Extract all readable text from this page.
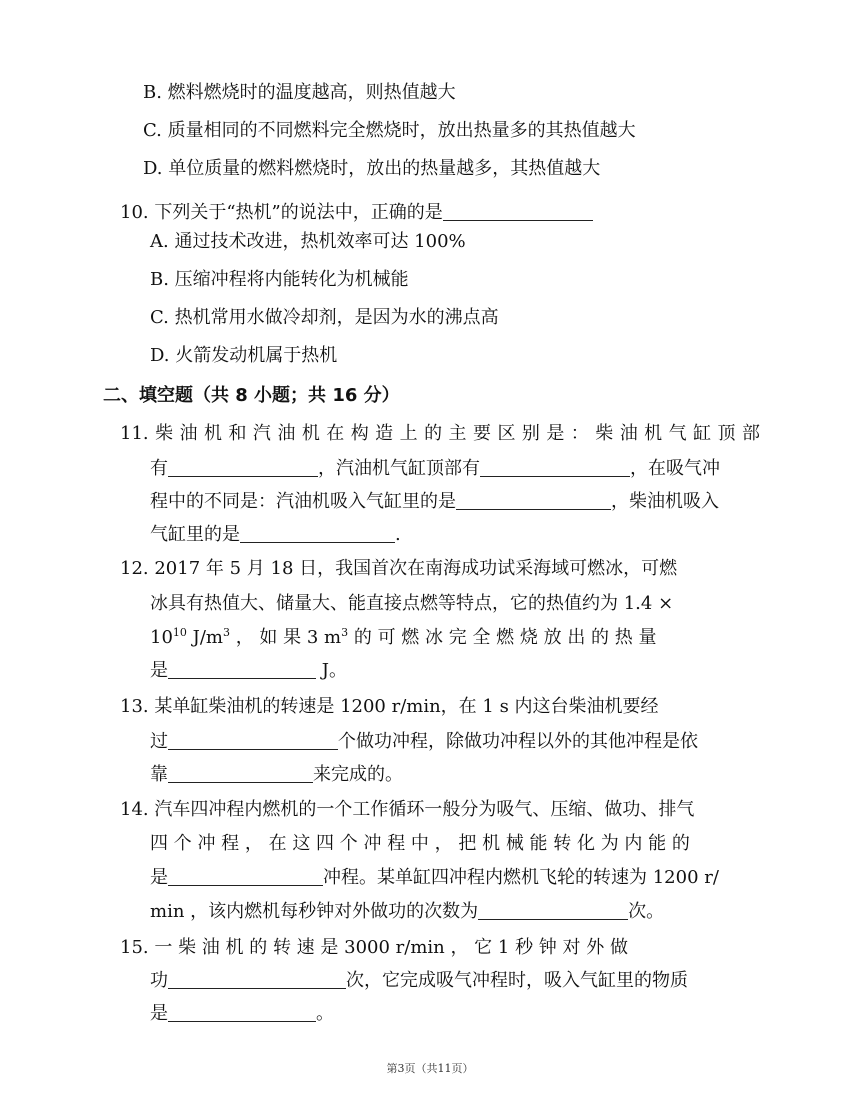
B. 燃料燃烧时的温度越高，则热值越大
C. 质量相同的不同燃料完全燃烧时，放出热量多的其热值越大
D. 单位质量的燃料燃烧时，放出的热量越多，其热值越大
10. 下列关于“热机”的说法中，正确的是
A. 通过技术改进，热机效率可达 100%
B. 压缩冲程将内能转化为机械能
C. 热机常用水做冷却剂，是因为水的沸点高
D. 火箭发动机属于热机
二、填空题（共 8 小题；共 16 分）
11. 柴 油 机 和 汽 油 机 在 构 造 上 的 主 要 区 别 是 ： 柴 油 机 气 缸 顶 部
有	，汽油机气缸顶部有	，在吸气冲
程中的不同是：汽油机吸入气缸里的是	，柴油机吸入
气缸里的是	.
12. 2017 年 5 月 18 日，我国首次在南海成功试采海域可燃冰，可燃
冰具有热值大、储量大、能直接点燃等特点，它的热值约为 1.4 ×
$10^{10}$ $J/m^3$ ， 如 果 3 $m^3$ 的 可 燃 冰 完 全 燃 烧 放 出 的 热 量
是	J。
13. 某单缸柴油机的转速是 1200 r/min，在 1 s 内这台柴油机要经
过	个做功冲程，除做功冲程以外的其他冲程是依
靠	来完成的。
14. 汽车四冲程内燃机的一个工作循环一般分为吸气、压缩、做功、排气
四 个 冲 程 ， 在 这 四 个 冲 程 中 ， 把 机 械 能 转 化 为 内 能 的
是	冲程。某单缸四冲程内燃机飞轮的转速为 1200 r/
min ，该内燃机每秒钟对外做功的次数为	次。
15. 一 柴 油 机 的 转 速 是 3000 r/min ， 它 1 秒 钟 对 外 做
功	次，它完成吸气冲程时，吸入气缸里的物质
是	。
第3页（共11页）
